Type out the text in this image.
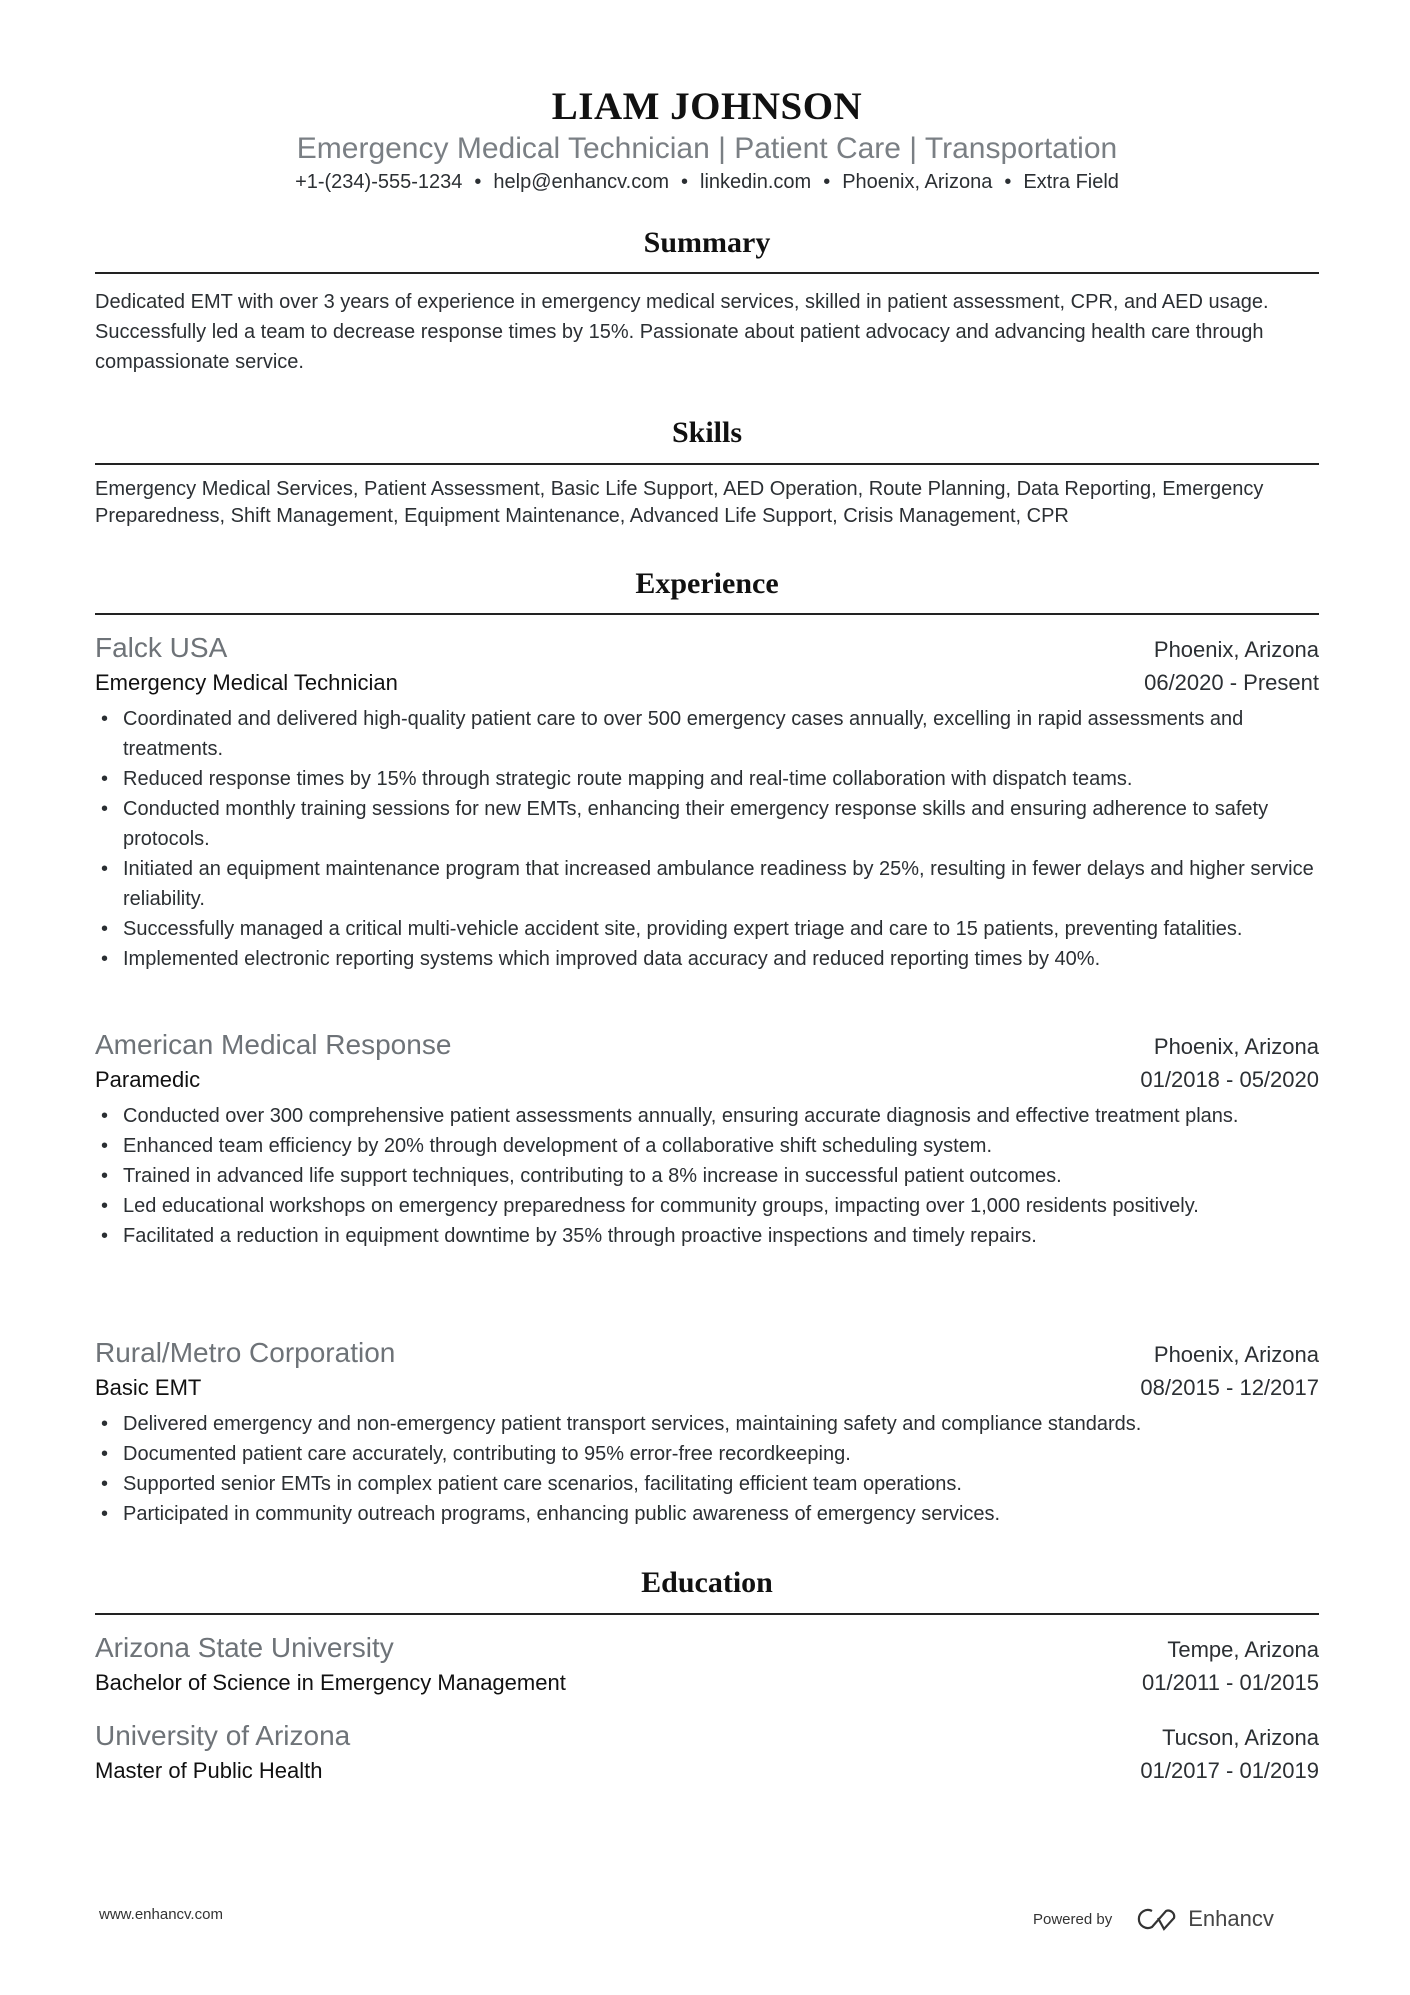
LIAM JOHNSON
Emergency Medical Technician | Patient Care | Transportation
+1-(234)-555-1234 • help@enhancv.com • linkedin.com • Phoenix, Arizona • Extra Field
Summary
Dedicated EMT with over 3 years of experience in emergency medical services, skilled in patient assessment, CPR, and AED usage. Successfully led a team to decrease response times by 15%. Passionate about patient advocacy and advancing health care through compassionate service.
Skills
Emergency Medical Services, Patient Assessment, Basic Life Support, AED Operation, Route Planning, Data Reporting, Emergency Preparedness, Shift Management, Equipment Maintenance, Advanced Life Support, Crisis Management, CPR
Experience
Falck USA	Phoenix, Arizona
Emergency Medical Technician	06/2020 - Present
• Coordinated and delivered high-quality patient care to over 500 emergency cases annually, excelling in rapid assessments and treatments.
• Reduced response times by 15% through strategic route mapping and real-time collaboration with dispatch teams.
• Conducted monthly training sessions for new EMTs, enhancing their emergency response skills and ensuring adherence to safety protocols.
• Initiated an equipment maintenance program that increased ambulance readiness by 25%, resulting in fewer delays and higher service reliability.
• Successfully managed a critical multi-vehicle accident site, providing expert triage and care to 15 patients, preventing fatalities.
• Implemented electronic reporting systems which improved data accuracy and reduced reporting times by 40%.
American Medical Response	Phoenix, Arizona
Paramedic	01/2018 - 05/2020
• Conducted over 300 comprehensive patient assessments annually, ensuring accurate diagnosis and effective treatment plans.
• Enhanced team efficiency by 20% through development of a collaborative shift scheduling system.
• Trained in advanced life support techniques, contributing to a 8% increase in successful patient outcomes.
• Led educational workshops on emergency preparedness for community groups, impacting over 1,000 residents positively.
• Facilitated a reduction in equipment downtime by 35% through proactive inspections and timely repairs.
Rural/Metro Corporation	Phoenix, Arizona
Basic EMT	08/2015 - 12/2017
• Delivered emergency and non-emergency patient transport services, maintaining safety and compliance standards.
• Documented patient care accurately, contributing to 95% error-free recordkeeping.
• Supported senior EMTs in complex patient care scenarios, facilitating efficient team operations.
• Participated in community outreach programs, enhancing public awareness of emergency services.
Education
Arizona State University	Tempe, Arizona
Bachelor of Science in Emergency Management	01/2011 - 01/2015
University of Arizona	Tucson, Arizona
Master of Public Health	01/2017 - 01/2019
www.enhancv.com	Powered by	Enhancv
